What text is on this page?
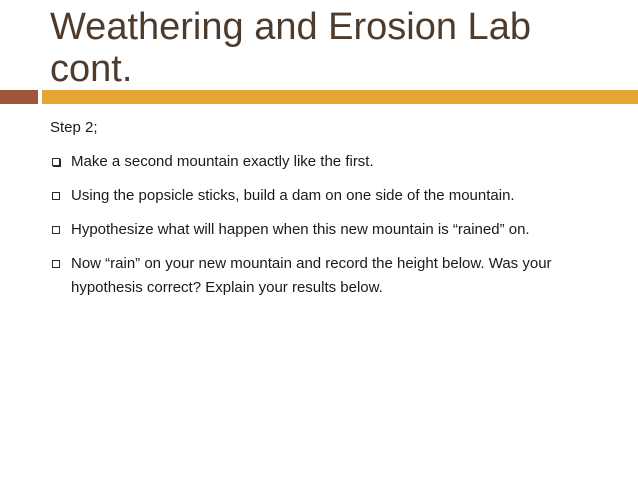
Weathering and Erosion Lab cont.

Step 2;

Make a second mountain exactly like the first.
Using the popsicle sticks, build a dam on one side of the mountain.
Hypothesize what will happen when this new mountain is “rained” on.
Now “rain” on your new mountain and record the height below. Was your hypothesis correct? Explain your results below.
